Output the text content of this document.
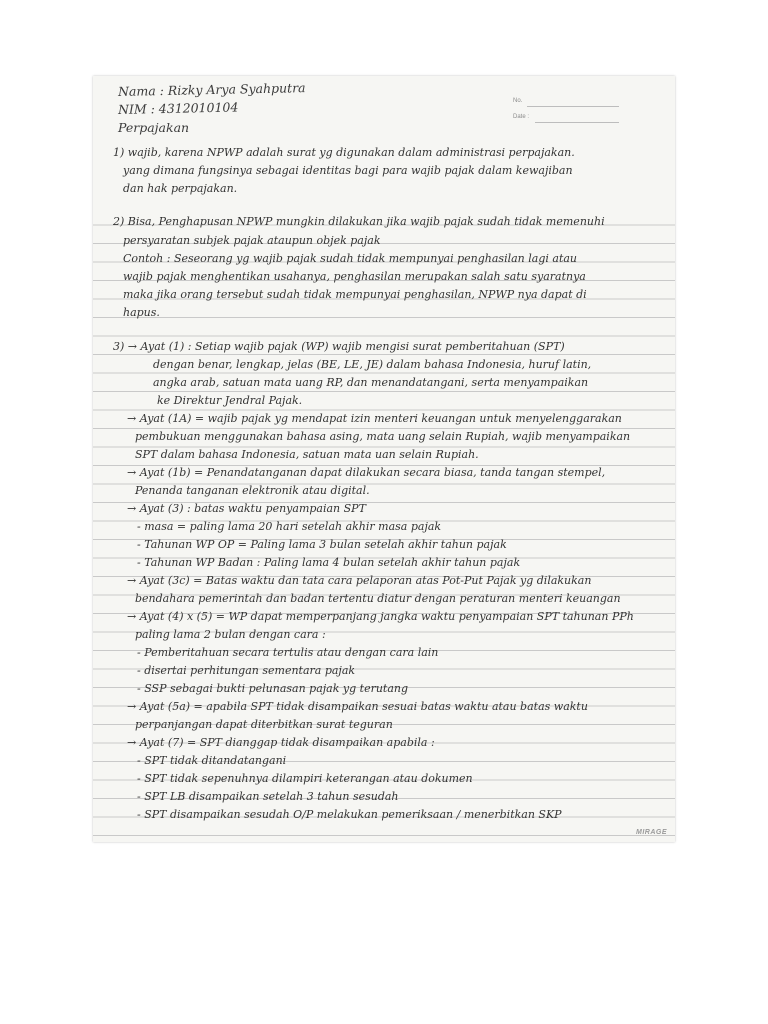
Nama : Rizky Arya Syahputra
NIM : 4312010104
Perpajakan
No.
Date :
1) wajib, karena NPWP adalah surat yg digunakan dalam administrasi perpajakan.
yang dimana fungsinya sebagai identitas bagi para wajib pajak dalam kewajiban
dan hak perpajakan.
2) Bisa, Penghapusan NPWP mungkin dilakukan jika wajib pajak sudah tidak memenuhi
persyaratan subjek pajak ataupun objek pajak
Contoh : Seseorang yg wajib pajak sudah tidak mempunyai penghasilan lagi atau
wajib pajak menghentikan usahanya, penghasilan merupakan salah satu syaratnya
maka jika orang tersebut sudah tidak mempunyai penghasilan, NPWP nya dapat di
hapus.
3) → Ayat (1) : Setiap wajib pajak (WP) wajib mengisi surat pemberitahuan (SPT)
dengan benar, lengkap, jelas (BE, LE, JE) dalam bahasa Indonesia, huruf latin,
angka arab, satuan mata uang RP, dan menandatangani, serta menyampaikan
ke Direktur Jendral Pajak.
→ Ayat (1A) = wajib pajak yg mendapat izin menteri keuangan untuk menyelenggarakan
pembukuan menggunakan bahasa asing, mata uang selain Rupiah, wajib menyampaikan
SPT dalam bahasa Indonesia, satuan mata uan selain Rupiah.
→ Ayat (1b) = Penandatanganan dapat dilakukan secara biasa, tanda tangan stempel,
Penanda tanganan elektronik atau digital.
→ Ayat (3) : batas waktu penyampaian SPT
- masa = paling lama 20 hari setelah akhir masa pajak
- Tahunan WP OP = Paling lama 3 bulan setelah akhir tahun pajak
- Tahunan WP Badan : Paling lama 4 bulan setelah akhir tahun pajak
→ Ayat (3c) = Batas waktu dan tata cara pelaporan atas Pot-Put Pajak yg dilakukan
bendahara pemerintah dan badan tertentu diatur dengan peraturan menteri keuangan
→ Ayat (4) x (5) = WP dapat memperpanjang jangka waktu penyampaian SPT tahunan PPh
paling lama 2 bulan dengan cara :
- Pemberitahuan secara tertulis atau dengan cara lain
- disertai perhitungan sementara pajak
- SSP sebagai bukti pelunasan pajak yg terutang
→ Ayat (5a) = apabila SPT tidak disampaikan sesuai batas waktu atau batas waktu
perpanjangan dapat diterbitkan surat teguran
→ Ayat (7) = SPT dianggap tidak disampaikan apabila :
- SPT tidak ditandatangani
- SPT tidak sepenuhnya dilampiri keterangan atau dokumen
- SPT LB disampaikan setelah 3 tahun sesudah
- SPT disampaikan sesudah O/P melakukan pemeriksaan / menerbitkan SKP
MIRAGE
